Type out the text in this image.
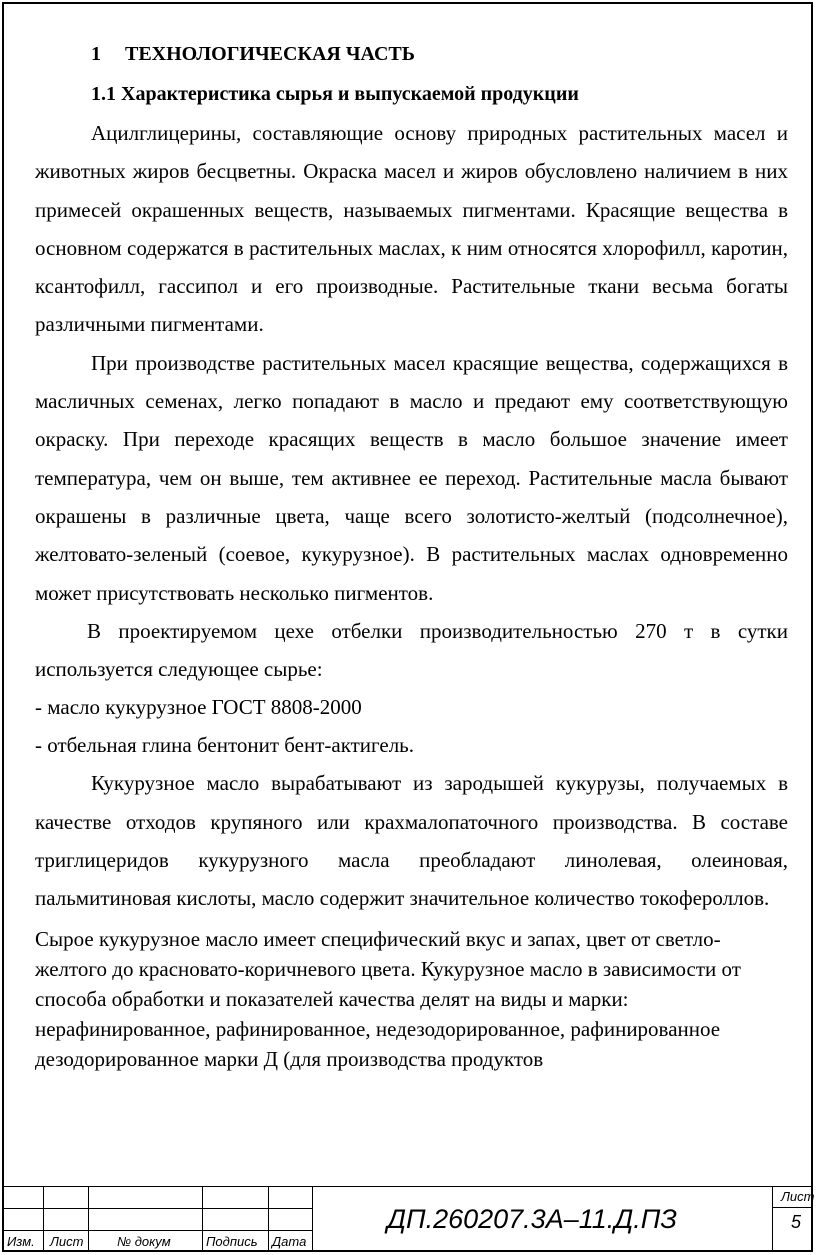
1 ТЕХНОЛОГИЧЕСКАЯ ЧАСТЬ
1.1 Характеристика сырья и выпускаемой продукции

Ацилглицерины, составляющие основу природных растительных масел и животных жиров бесцветны. Окраска масел и жиров обусловлено наличием в них примесей окрашенных веществ, называемых пигментами. Красящие вещества в основном содержатся в растительных маслах, к ним относятся хлорофилл, каротин, ксантофилл, гассипол и его производные. Растительные ткани весьма богаты различными пигментами.

При производстве растительных масел красящие вещества, содержащихся в масличных семенах, легко попадают в масло и предают ему соответствующую окраску. При переходе красящих веществ в масло большое значение имеет температура, чем он выше, тем активнее ее переход. Растительные масла бывают окрашены в различные цвета, чаще всего золотисто-желтый (подсолнечное), желтовато-зеленый (соевое, кукурузное). В растительных маслах одновременно может присутствовать несколько пигментов.

В проектируемом цехе отбелки производительностью 270 т в сутки используется следующее сырье:

- масло кукурузное ГОСТ 8808-2000

- отбельная глина бентонит бент-актигель.

Кукурузное масло вырабатывают из зародышей кукурузы, получаемых в качестве отходов крупяного или крахмалопаточного производства. В составе триглицеридов кукурузного масла преобладают линолевая, олеиновая, пальмитиновая кислоты, масло содержит значительное количество токофероллов.

Сырое кукурузное масло имеет специфический вкус и запах, цвет от светло-
желтого до красновато-коричневого цвета. Кукурузное масло в зависимости от
способа обработки и показателей качества делят на виды и марки:
нерафинированное, рафинированное, недезодорированное, рафинированное
дезодорированное марки Д (для производства продуктов
Изм. Лист	№ докум	Подпись Дата
ДП.260207.3А–11.Д.ПЗ
Лист
5
